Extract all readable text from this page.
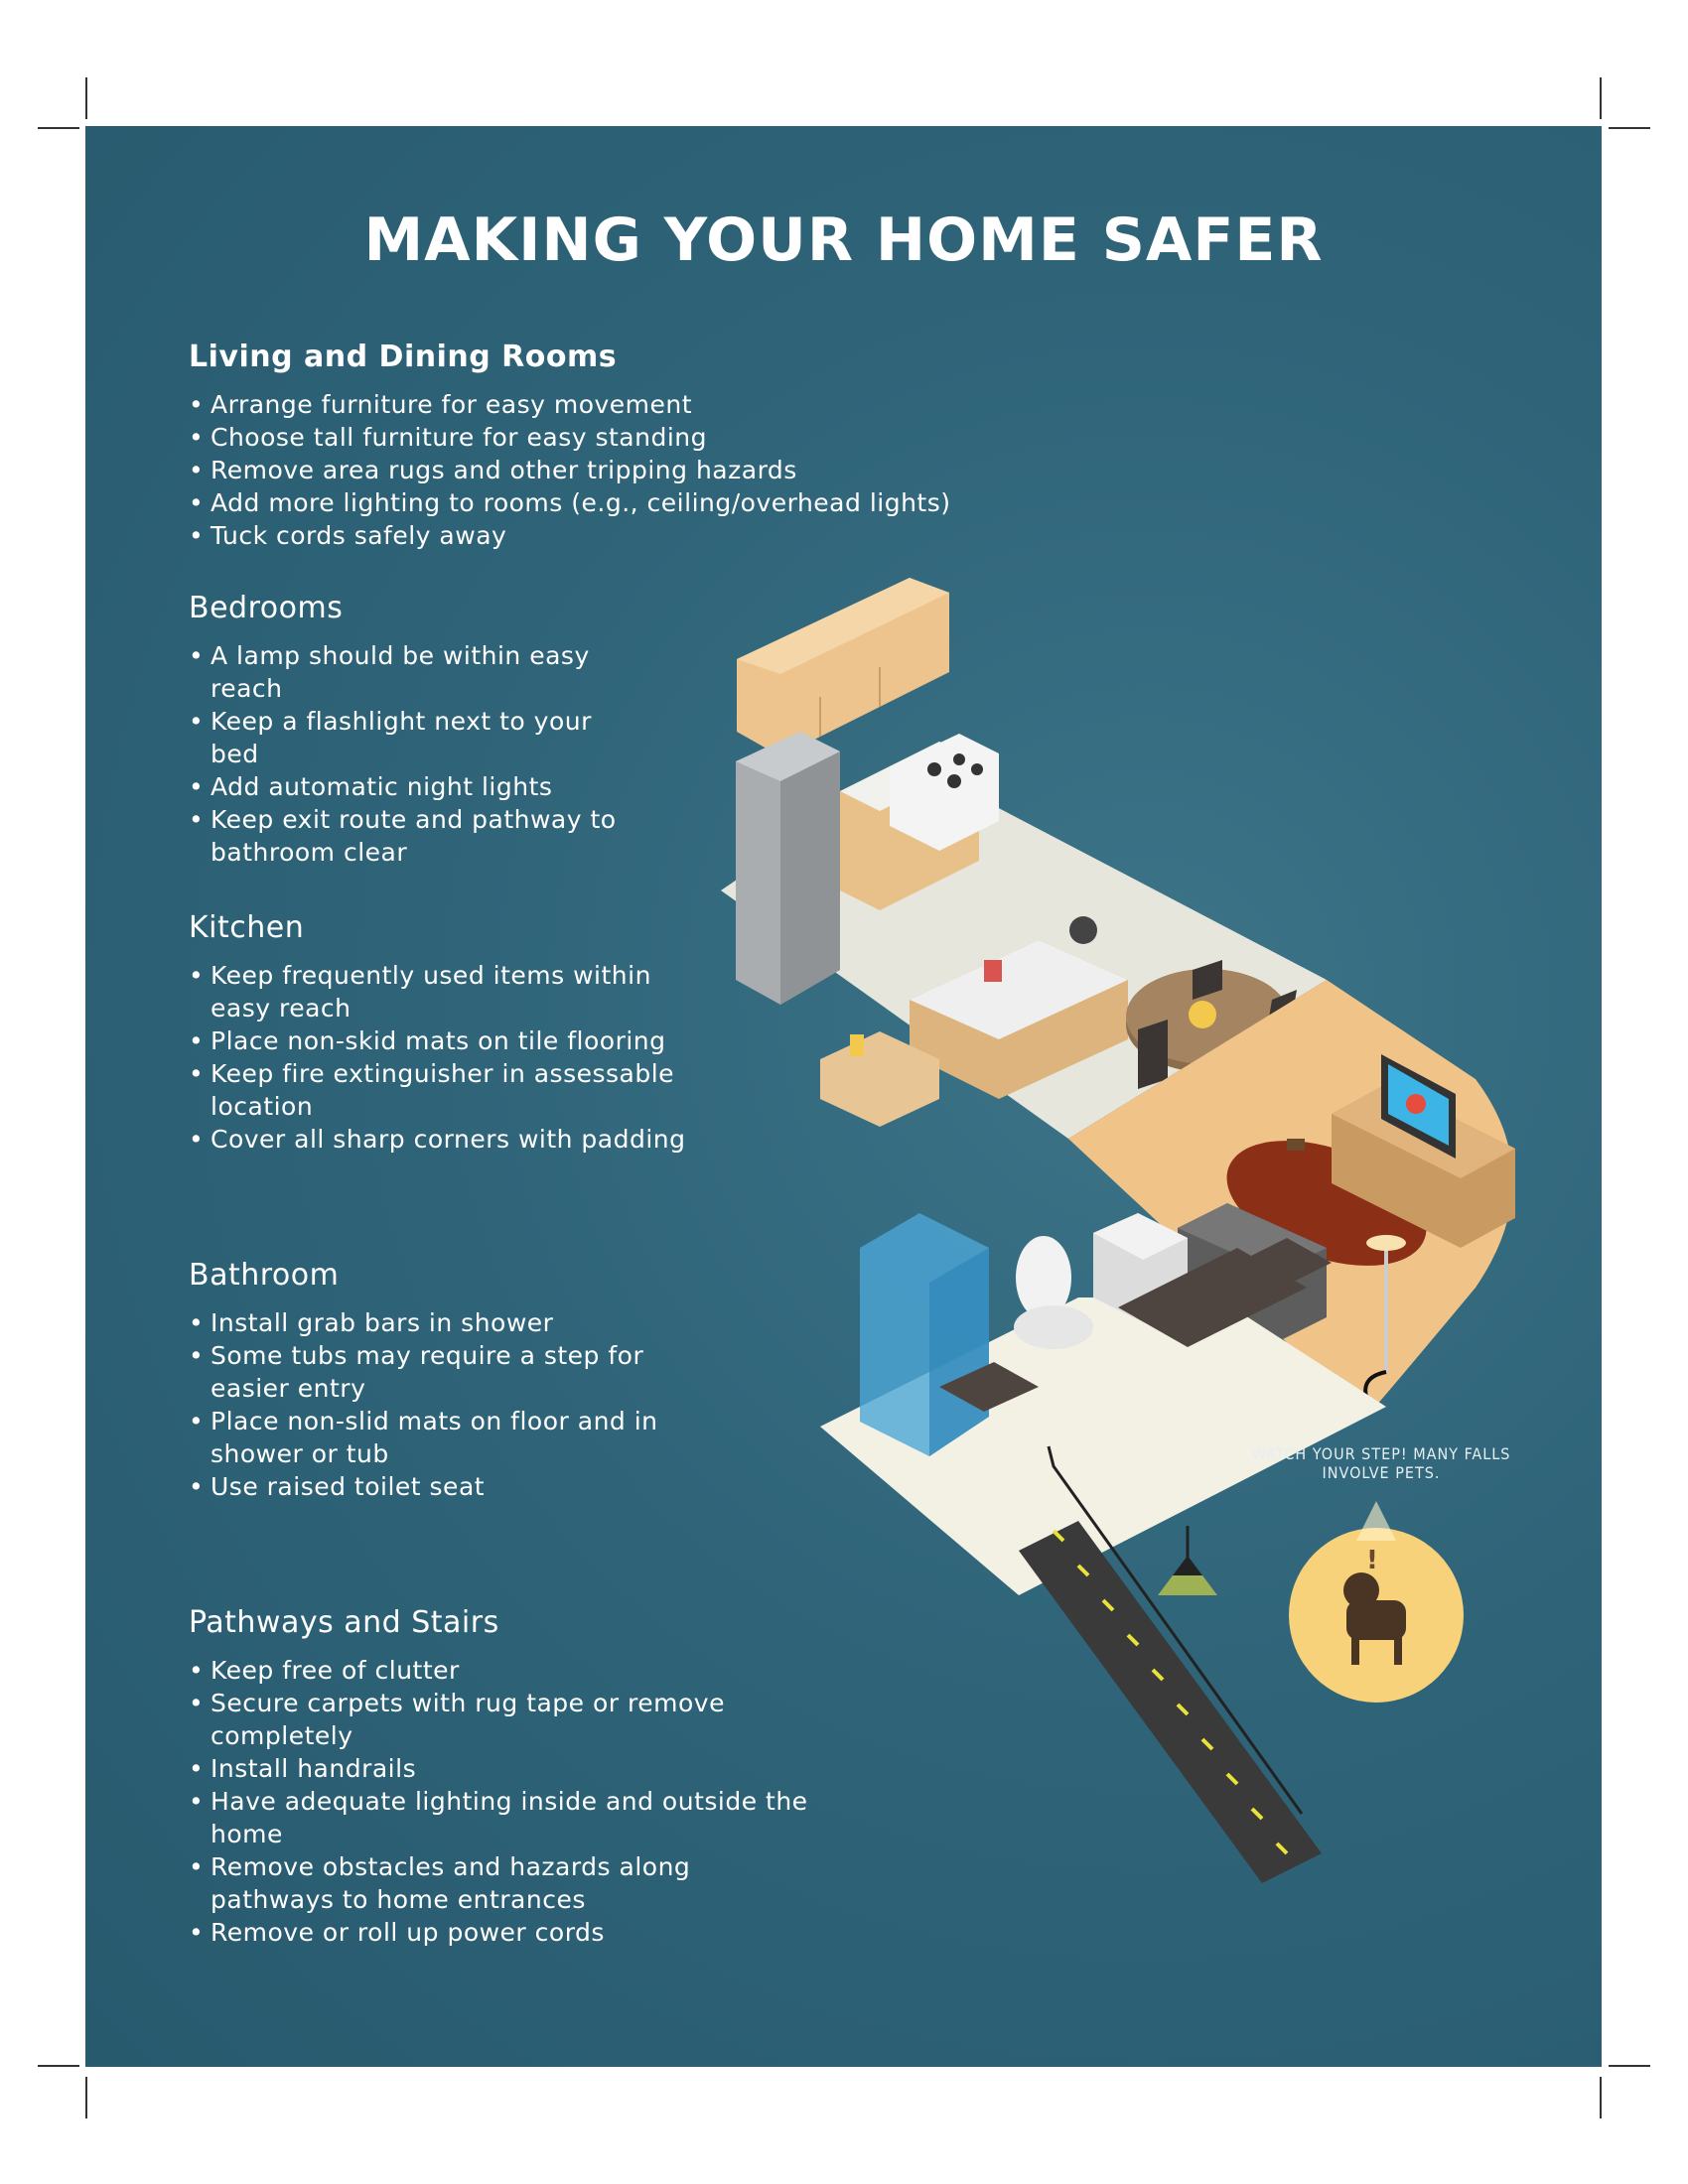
!
WATCH YOUR STEP! MANY FALLS INVOLVE PETS.
MAKING YOUR HOME SAFER
Living and Dining Rooms
• Arrange furniture for easy movement
• Choose tall furniture for easy standing
• Remove area rugs and other tripping hazards
• Add more lighting to rooms (e.g., ceiling/overhead lights)
• Tuck cords safely away
Bedrooms
• A lamp should be within easy reach
• Keep a flashlight next to your bed
• Add automatic night lights
• Keep exit route and pathway to bathroom clear
Kitchen
• Keep frequently used items within easy reach
• Place non-skid mats on tile flooring
• Keep fire extinguisher in assessable location
• Cover all sharp corners with padding
Bathroom
• Install grab bars in shower
• Some tubs may require a step for easier entry
• Place non-slid mats on floor and in shower or tub
• Use raised toilet seat
Pathways and Stairs
• Keep free of clutter
• Secure carpets with rug tape or remove completely
• Install handrails
• Have adequate lighting inside and outside the home
• Remove obstacles and hazards along pathways to home entrances
• Remove or roll up power cords
